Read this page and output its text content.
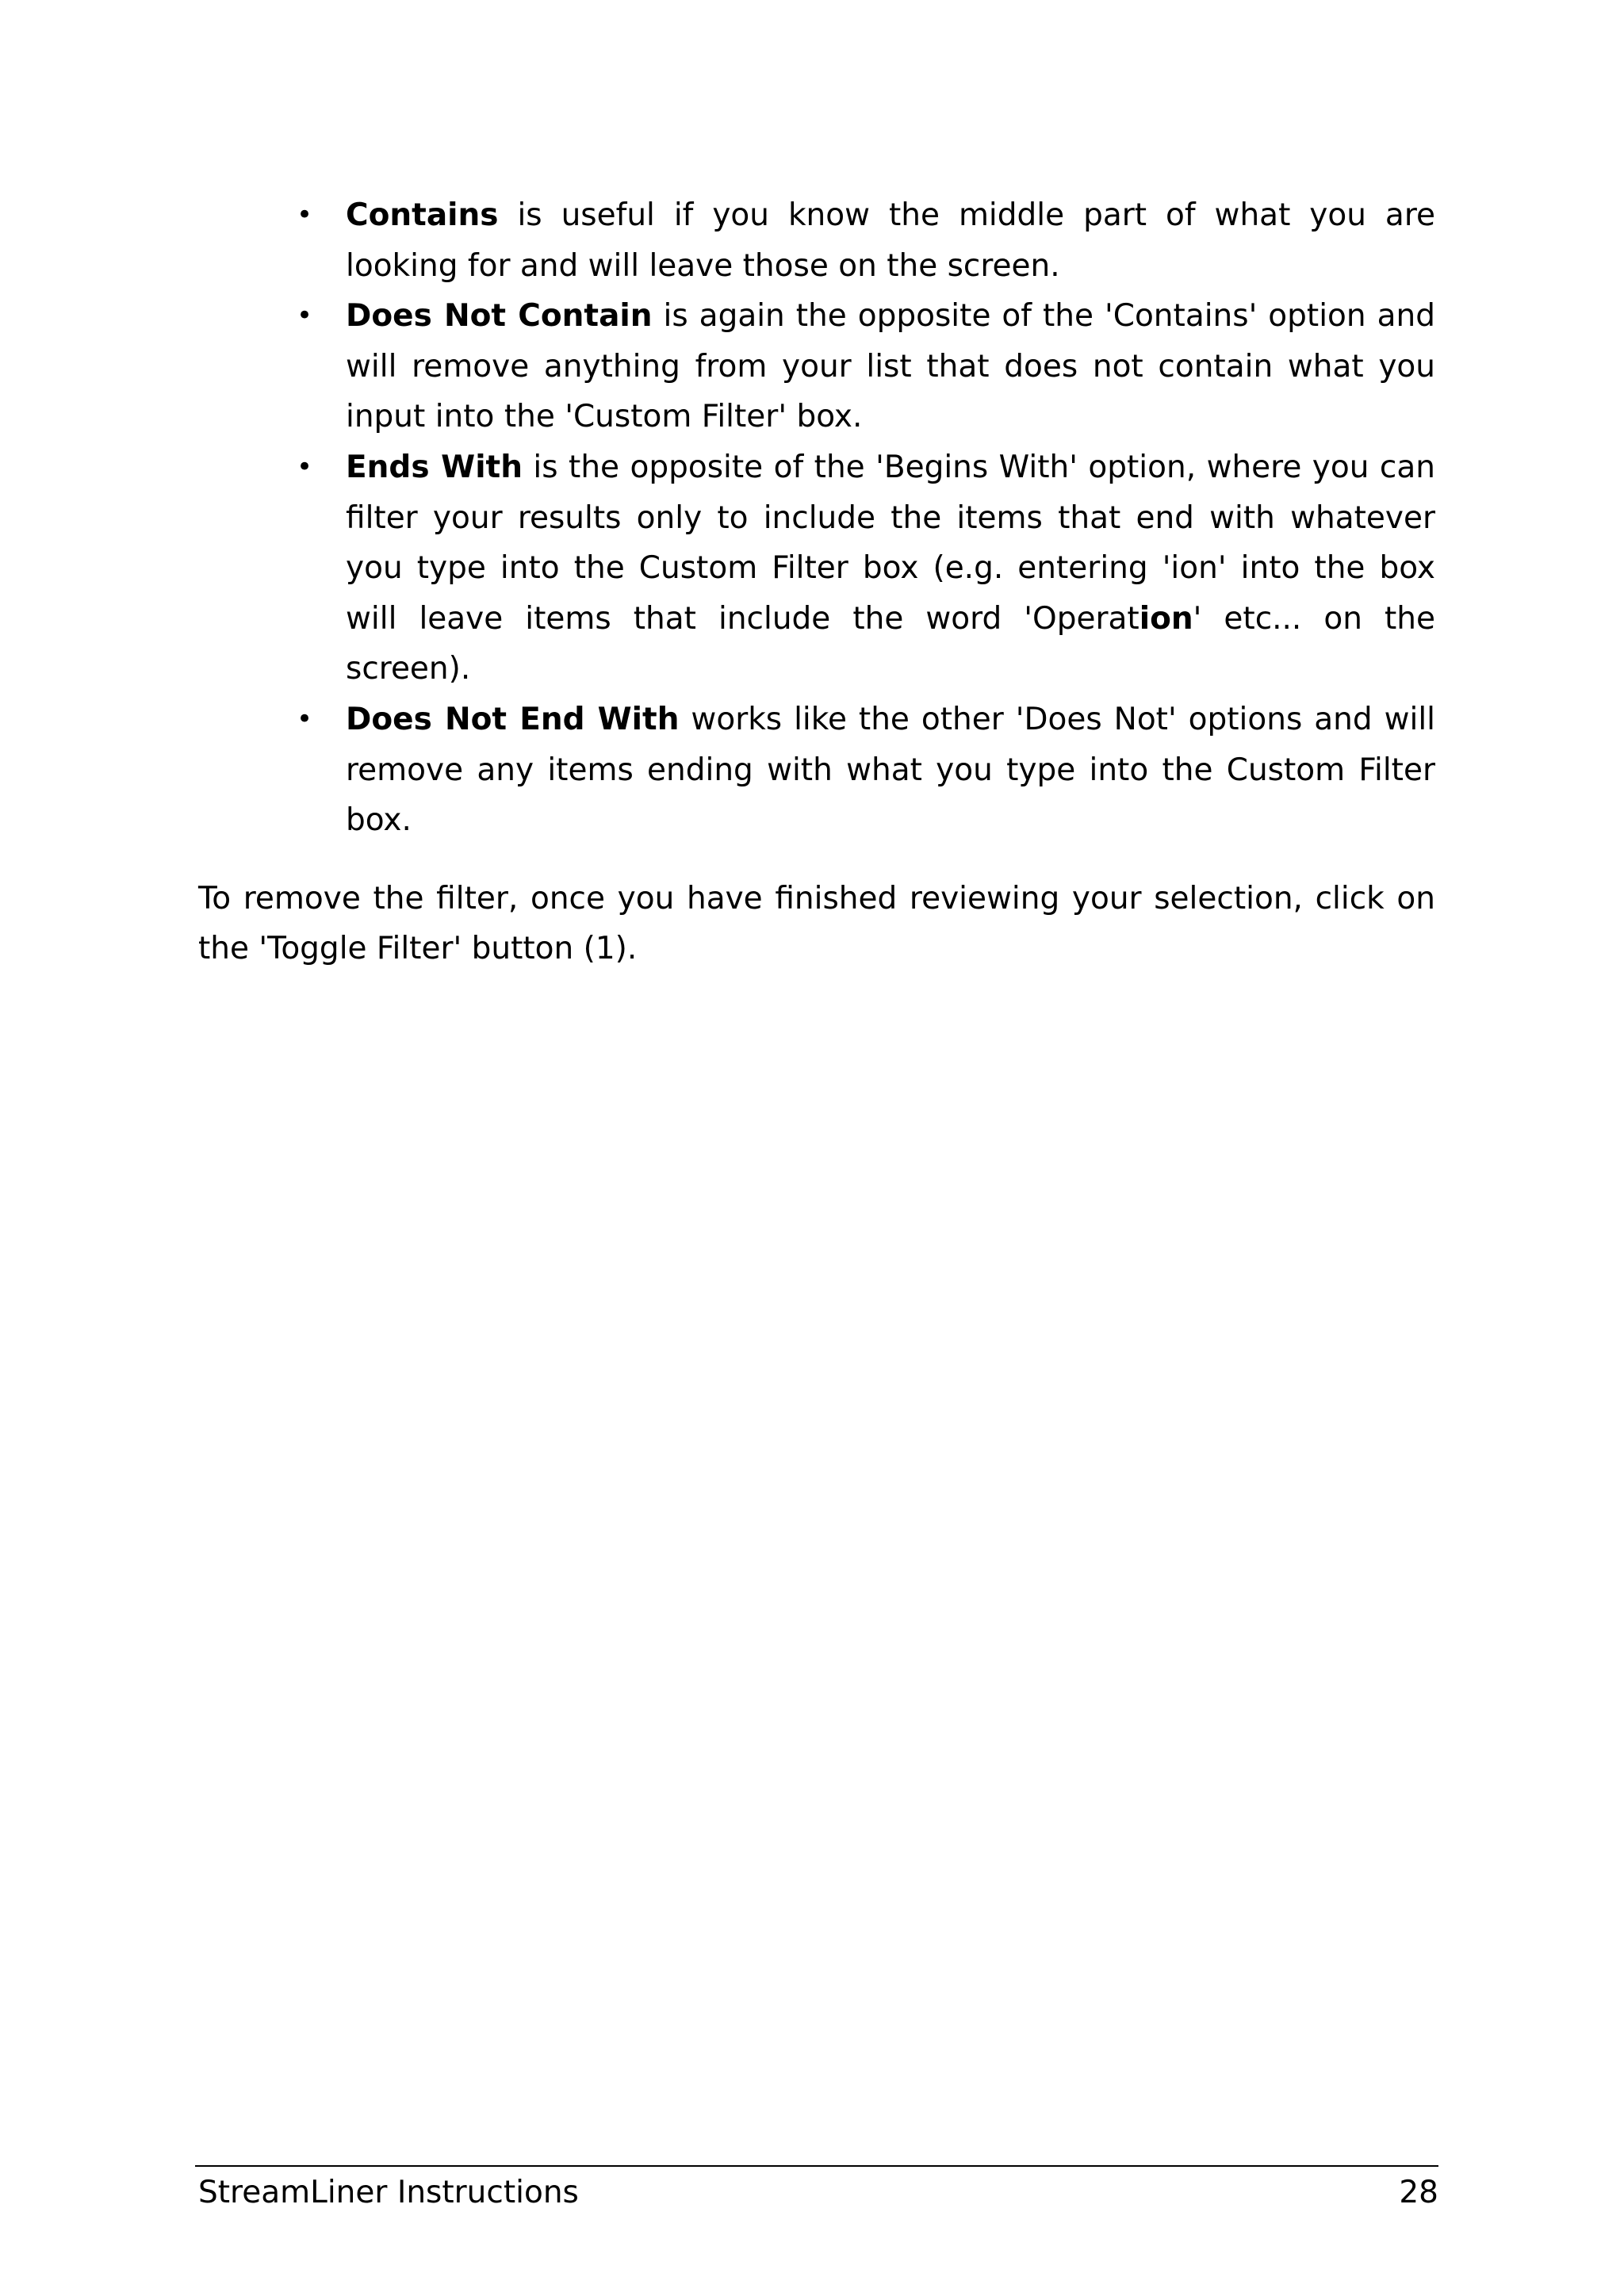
•	Contains is useful if you know the middle part of what you are looking for and will leave those on the screen.
•	Does Not Contain is again the opposite of the 'Contains' option and will remove anything from your list that does not contain what you input into the 'Custom Filter' box.
•	Ends With is the opposite of the 'Begins With' option, where you can filter your results only to include the items that end with whatever you type into the Custom Filter box (e.g. entering 'ion' into the box will leave items that include the word 'Operation' etc... on the screen).
•	Does Not End With works like the other 'Does Not' options and will remove any items ending with what you type into the Custom Filter box.

To remove the filter, once you have finished reviewing your selection, click on the 'Toggle Filter' button (1).

StreamLiner Instructions	28
